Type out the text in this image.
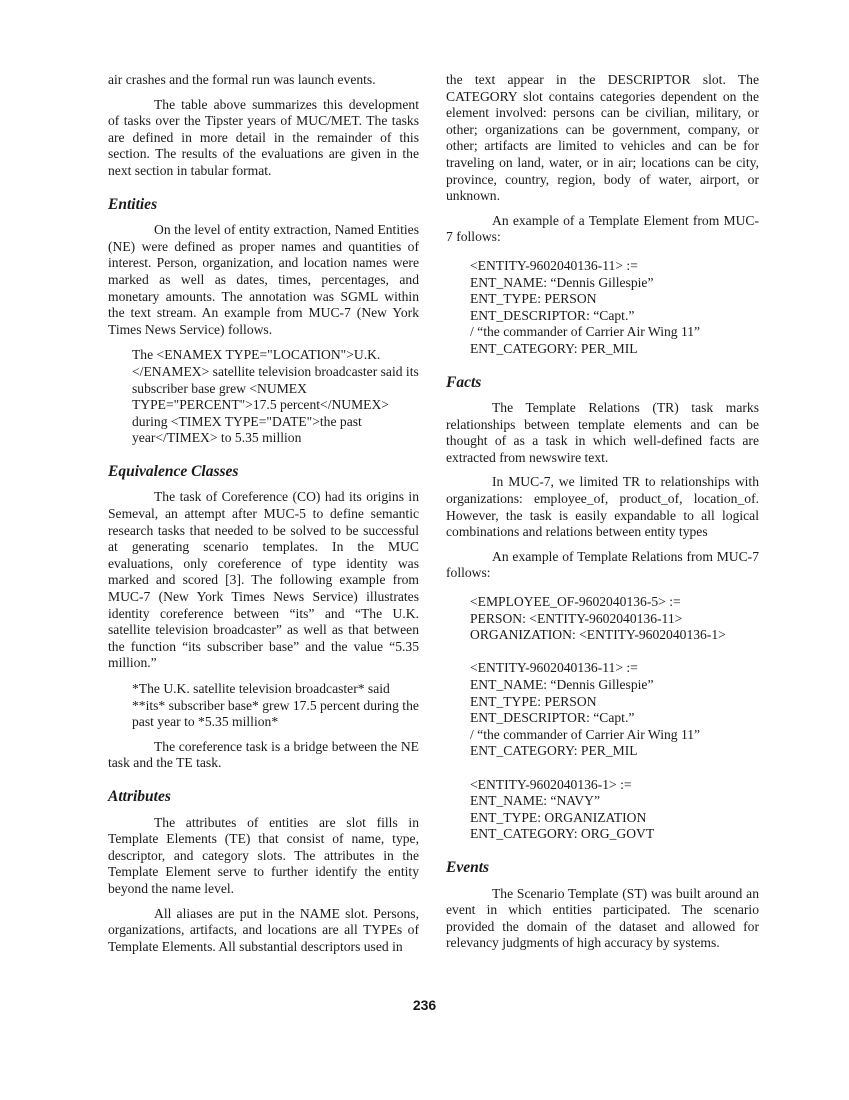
air crashes and the formal run was launch events.

The table above summarizes this development of tasks over the Tipster years of MUC/MET. The tasks are defined in more detail in the remainder of this section. The results of the evaluations are given in the next section in tabular format.

Entities

On the level of entity extraction, Named Entities (NE) were defined as proper names and quantities of interest. Person, organization, and location names were marked as well as dates, times, percentages, and monetary amounts. The annotation was SGML within the text stream. An example from MUC-7 (New York Times News Service) follows.

The <ENAMEX TYPE="LOCATION">U.K.</ENAMEX> satellite television broadcaster said its subscriber base grew <NUMEX TYPE="PERCENT">17.5 percent</NUMEX> during <TIMEX TYPE="DATE">the past year</TIMEX> to 5.35 million

Equivalence Classes

The task of Coreference (CO) had its origins in Semeval, an attempt after MUC-5 to define semantic research tasks that needed to be solved to be successful at generating scenario templates. In the MUC evaluations, only coreference of type identity was marked and scored [3]. The following example from MUC-7 (New York Times News Service) illustrates identity coreference between “its” and “The U.K. satellite television broadcaster” as well as that between the function “its subscriber base” and the value “5.35 million.”

*The U.K. satellite television broadcaster* said **its* subscriber base* grew 17.5 percent during the past year to *5.35 million*

The coreference task is a bridge between the NE task and the TE task.

Attributes

The attributes of entities are slot fills in Template Elements (TE) that consist of name, type, descriptor, and category slots. The attributes in the Template Element serve to further identify the entity beyond the name level.

All aliases are put in the NAME slot. Persons, organizations, artifacts, and locations are all TYPEs of Template Elements. All substantial descriptors used in

the text appear in the DESCRIPTOR slot. The CATEGORY slot contains categories dependent on the element involved: persons can be civilian, military, or other; organizations can be government, company, or other; artifacts are limited to vehicles and can be for traveling on land, water, or in air; locations can be city, province, country, region, body of water, airport, or unknown.

An example of a Template Element from MUC-7 follows:

<ENTITY-9602040136-11> :=
ENT_NAME: “Dennis Gillespie”
ENT_TYPE: PERSON
ENT_DESCRIPTOR: “Capt.”
/ “the commander of Carrier Air Wing 11”
ENT_CATEGORY: PER_MIL
Facts

The Template Relations (TR) task marks relationships between template elements and can be thought of as a task in which well-defined facts are extracted from newswire text.

In MUC-7, we limited TR to relationships with organizations: employee_of, product_of, location_of. However, the task is easily expandable to all logical combinations and relations between entity types

An example of Template Relations from MUC-7 follows:

<EMPLOYEE_OF-9602040136-5> :=
PERSON: <ENTITY-9602040136-11>
ORGANIZATION: <ENTITY-9602040136-1>
<ENTITY-9602040136-11> :=
ENT_NAME: “Dennis Gillespie”
ENT_TYPE: PERSON
ENT_DESCRIPTOR: “Capt.”
/ “the commander of Carrier Air Wing 11”
ENT_CATEGORY: PER_MIL
<ENTITY-9602040136-1> :=
ENT_NAME: “NAVY”
ENT_TYPE: ORGANIZATION
ENT_CATEGORY: ORG_GOVT
Events

The Scenario Template (ST) was built around an event in which entities participated. The scenario provided the domain of the dataset and allowed for relevancy judgments of high accuracy by systems.

236
